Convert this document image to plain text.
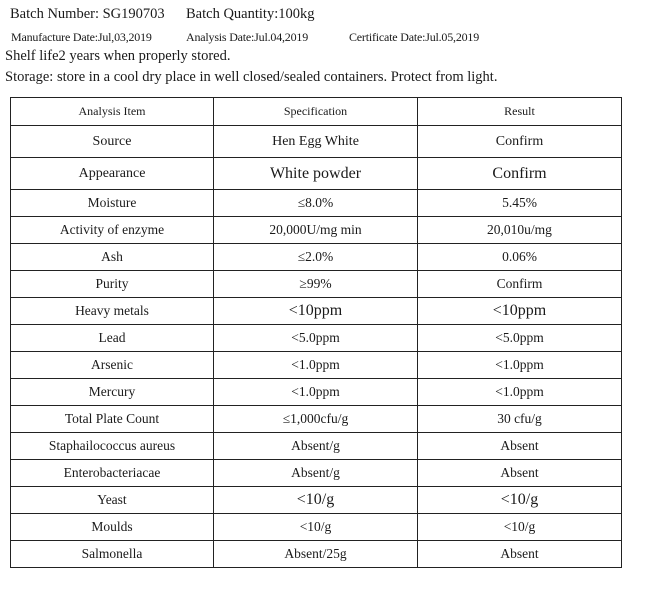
Batch Number: SG190703 Batch Quantity:100kg
Manufacture Date:Jul,03,2019	Analysis Date:Jul.04,2019	Certificate Date:Jul.05,2019
Shelf life2 years when properly stored.
Storage: store in a cool dry place in well closed/sealed containers. Protect from light.
Analysis Item	Specification	Result
Source	Hen Egg White	Confirm
Appearance	White powder	Confirm
Moisture	≤8.0%	5.45%
Activity of enzyme	20,000U/mg min	20,010u/mg
Ash	≤2.0%	0.06%
Purity	≥99%	Confirm
Heavy metals	<10ppm	<10ppm
Lead	<5.0ppm	<5.0ppm
Arsenic	<1.0ppm	<1.0ppm
Mercury	<1.0ppm	<1.0ppm
Total Plate Count	≤1,000cfu/g	30 cfu/g
Staphailococcus aureus	Absent/g	Absent
Enterobacteriacae	Absent/g	Absent
Yeast	<10/g	<10/g
Moulds	<10/g	<10/g
Salmonella	Absent/25g	Absent
